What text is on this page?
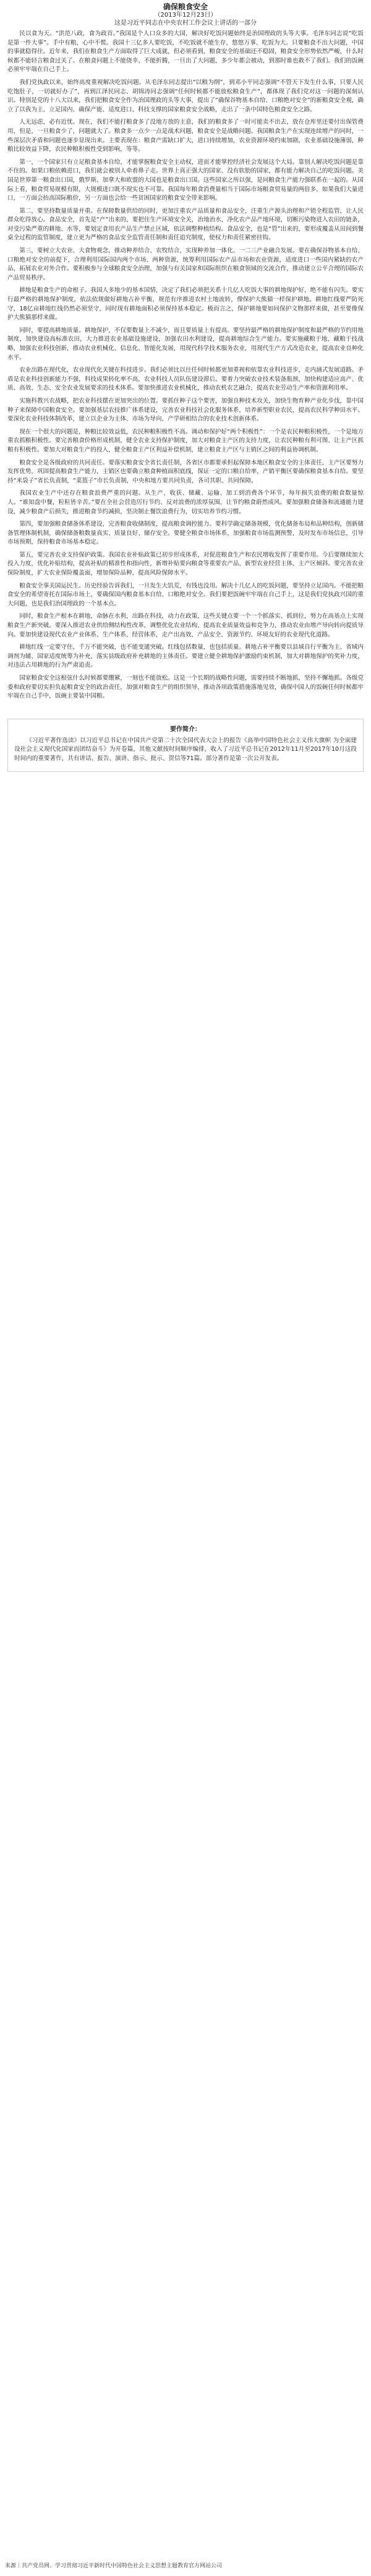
确保粮食安全
（2013年12月23日）
这是习近平同志在中央农村工作会议上讲话的一部分

民以食为天。“洪范八政，食为政首。”我国是个人口众多的大国，解决好吃饭问题始终是治国理政的头等大事。毛泽东同志说“吃饭是第一件大事”。手中有粮，心中不慌。我国十三亿多人要吃饭，不吃饭就不能生存，悠悠万事、吃饭为大。只要粮食不出大问题，中国的事就稳得住。近年来，我们在粮食生产方面取得了巨大成就，但必须看到，粮食安全的基础还不稳固，粮食安全形势依然严峻，什么时候都不能轻言粮食过关了。在粮食问题上不能侥幸、不能折腾，一旦出了大问题，多少年都会被动，到那时谁也救不了我们。我们的饭碗必须牢牢端在自己手上。

我们党执政以来，始终高度重视解决吃饭问题。从毛泽东同志提出“以粮为纲”，到邓小平同志强调“不管天下发生什么事，只要人民吃饱肚子，一切就好办了”，再到江泽民同志、胡锦涛同志强调“任何时候都不能放松粮食生产”，都体现了我们党对这一问题的深刻认识。特别是党的十八大以来，我们把粮食安全作为治国理政的头等大事，提出了“确保谷物基本自给、口粮绝对安全”的新粮食安全观，确立了以我为主、立足国内、确保产能、适度进口、科技支撑的国家粮食安全战略，走出了一条中国特色粮食安全之路。

人无远虑，必有近忧。现在，我们不能打粮食多了没地方放的主意，我们的粮食多了一时可能卖不出去，放在仓库里还要付出保管费用，但是，一旦粮食少了，问题就大了。粮食多一点少一点是战术问题，粮食安全是战略问题。我国粮食生产在实现连续增产的同时，一些深层次矛盾和问题也逐步显现出来。主要表现在：粮食产需缺口扩大，进口持续增加，农业资源环境约束加剧，农业基础设施薄弱，种粮比较效益下降，农民种粮积极性受到影响，等等。

第一，一个国家只有立足粮食基本自给，才能掌握粮食安全主动权，进而才能掌控经济社会发展这个大局。靠别人解决吃饭问题是靠不住的。如果口粮依赖进口，我们就会被别人牵着鼻子走。世界上真正强大的国家、没有软肋的国家，都有能力解决自己的吃饭问题。美国是世界第一粮食出口国，俄罗斯、加拿大和欧盟的大国也是粮食出口国。这些国家之所以强，是同粮食生产能力强联系在一起的。从国际上看，粮食贸易规模有限，大规模进口既不现实也不可靠。我国每年粮食消费量相当于国际市场粮食贸易量的两倍多，如果我们大量进口，一方面会抬高国际粮价，另一方面也会给一些贫困国家的粮食安全带来影响。

第二，要坚持数量质量并重。在保障数量供给的同时，更加注重农产品质量和食品安全，注重生产源头治理和产销全程监管，让人民群众吃得放心。食品安全，首先是“产”出来的，要把住生产环境安全关，治地治水，净化农产品产地环境，切断污染物进入农田的链条，对受污染严重的耕地、水等，要划定食用农产品生产禁止区域，依法调整种植结构。食品安全，也是“管”出来的，要形成覆盖从田间到餐桌全过程的监管制度，建立更为严格的食品安全监管责任制和责任追究制度，使权力和责任紧密挂钩。

第三，要树立大农业、大食物观念，推动种养结合、农牧结合，实现种养加一体化、一二三产业融合发展。要在确保谷物基本自给、口粮绝对安全的前提下，合理利用国际国内两个市场、两种资源，统筹利用国际农产品市场和农业资源，适度进口一些国内紧缺的农产品，拓展农业对外合作。要积极参与全球粮食安全治理，加强与有关国家和国际组织在粮食领域的交流合作，推动建立公平合理的国际农产品贸易秩序。

耕地是粮食生产的命根子。我国人多地少的基本国情，决定了我们必须把关系十几亿人吃饭大事的耕地保护好，绝不能有闪失。要实行最严格的耕地保护制度，依法依规做好耕地占补平衡，规范有序推进农村土地流转，像保护大熊猫一样保护耕地。耕地红线要严防死守，18亿亩耕地红线仍然必须坚守，同时现有耕地面积必须保持基本稳定。极而言之，保护耕地要如同保护文物那样来做，甚至要像保护大熊猫那样来做。

同时，要提高耕地质量。耕地保护，不仅要数量上不减少，而且要质量上有提高。要坚持最严格的耕地保护制度和最严格的节约用地制度，加快建设高标准农田，大力推进农业基础设施建设，加强农田水利建设，提高耕地综合生产能力。要实施藏粮于地、藏粮于技战略，加强农业科技创新，推动农业机械化、信息化、智能化发展，用现代科学技术服务农业，用现代生产方式改造农业，提高农业良种化水平。

农业出路在现代化，农业现代化关键在科技进步。我们必须比以往任何时候都更加重视和依靠农业科技进步，走内涵式发展道路。矛盾是农业科技创新能力不强，科技成果转化率不高，农业科技人员队伍建设滞后。要着力突破农业技术装备瓶颈，加快构建适应高产、优质、高效、生态、安全农业发展要求的技术体系。要加快推进农业机械化，推动农机农艺融合，提高农业劳动生产率和资源利用率。

实施科教兴农战略，把农业科技摆在更加突出的位置。要抓住种子这个要害，加强良种技术攻关，加快生物育种产业化步伐，靠中国种子来保障中国粮食安全。要加强基层农技推广体系建设，完善农业科技社会化服务体系，培养新型职业农民，提高农民科学种田水平。要深化农业科技体制改革，建立以企业为主体、市场为导向、产学研相结合的农业技术创新体系。

现在一个很大的问题是，种粮比较效益低，农民种粮积极性不高。调动和保护好“两个积极性”：一个是农民种粮积极性，一个是地方重农抓粮积极性。要完善粮食价格形成机制，健全农业支持保护制度，加大对粮食主产区的支持力度，让农民种粮有利可图、让主产区抓粮有积极性。要加大对粮食生产的投入，健全粮食主产区利益补偿机制，建立粮食主产区与主销区之间的利益协调机制。

粮食安全是各级政府的共同责任。要落实粮食安全省长责任制，各省区市都要承担起保障本地区粮食安全的主体责任，主产区要努力发挥优势，巩固提高粮食生产能力，主销区也要确立粮食种植面积底线，保证一定的口粮自给率，产销平衡区要确保粮食基本自给。要坚持“米袋子”省长负责制，“菜篮子”市长负责制，中央和地方要共同负责，各司其职、共同保障。

我国农业生产中还存在粮食浪费严重的问题。从生产、收获、储藏、运输、加工到消费各个环节，每年损失浪费的粮食数量惊人。“谁知盘中餐，粒粒皆辛苦。”要在全社会营造厉行节约、反对浪费的浓厚氛围，让节约粮食蔚然成风。要加强粮食储备和流通能力建设，减少粮食产后损失，推进粮食节约减损，坚决制止餐饮浪费行为，切实培养节约习惯。

第四，要加强粮食储备体系建设，完善粮食收储制度，提高粮食调控能力。要科学确定储备规模，优化储备布局和品种结构，创新储备管理体制机制，确保储备粮数量真实、质量良好、储存安全。要健全粮食市场体系，加强粮食市场监测预警，及时发布市场信息，引导市场预期，保持粮食市场基本稳定。

第五，要完善农业支持保护政策。我国农业补贴政策已初步形成体系，对促进粮食生产和农民增收发挥了重要作用。今后要继续加大投入力度，优化补贴结构，提高补贴的精准性和指向性，新增补贴要向粮食等重要农产品、新型农业经营主体、主产区倾斜。要完善农业保险制度，扩大农业保险覆盖面，增加保险品种，提高风险保障水平。

粮食安全事关国运民生。历史经验告诉我们，一旦发生大饥荒，有钱也没用。解决十几亿人的吃饭问题，要坚持立足国内。不能把粮食安全的希望寄托在国际市场上，要确保国内粮食基本自给、口粮绝对安全。我们要把饭碗牢牢端在自己手上，这是我们党执政兴国的重大问题，也是我们治国理政的一个基本点。

同时，粮食生产根本在耕地，命脉在水利，出路在科技，动力在政策，这些关键点要一个一个抓落实、抓到位，努力在高基点上实现粮食生产新突破。要深入推进农业供给侧结构性改革，调整优化农业结构，提高农业质量效益和竞争力，推动农业由增产导向转向提质导向。要加快建设现代农业产业体系、生产体系、经营体系，走产出高效、产品安全、资源节约、环境友好的农业现代化道路。

耕地红线一定要守住，千万不能突破，也不能变通突破。红线包括数量，也包括质量。耕地占补平衡要以县域自行平衡为主、省域内调剂为辅、国家适度统筹为补充，落实县级政府补充耕地的主体责任。要建立健全耕地保护激励约束机制，加大对耕地保护的奖补力度，对违法占用耕地的行为严肃追责。

国家粮食安全这根弦什么时候都要绷紧，一刻也不能放松。这是一个长期的战略性问题，需要持续不断地抓、坚持不懈地抓。各级党委和政府要切实担负起粮食安全的政治责任，加强对粮食生产的组织领导，推动各项政策措施落地见效，确保中国人的饭碗任何时候都牢牢端在自己手中，饭碗主要装中国粮。

要作简介：
《习近平著作选读》以习近平总书记在中国共产党第二十次全国代表大会上的报告《高举中国特色社会主义伟大旗帜 为全面建设社会主义现代化国家而团结奋斗》为开卷篇，其他文献按时间顺序编排，收入了习近平总书记在2012年11月至2017年10月这段时间内的重要著作，共有讲话、报告、演讲、指示、批示、贺信等71篇。部分著作是第一次公开发表。
来源｜共产党员网、学习贯彻习近平新时代中国特色社会主义思想主题教育官方网站公司
